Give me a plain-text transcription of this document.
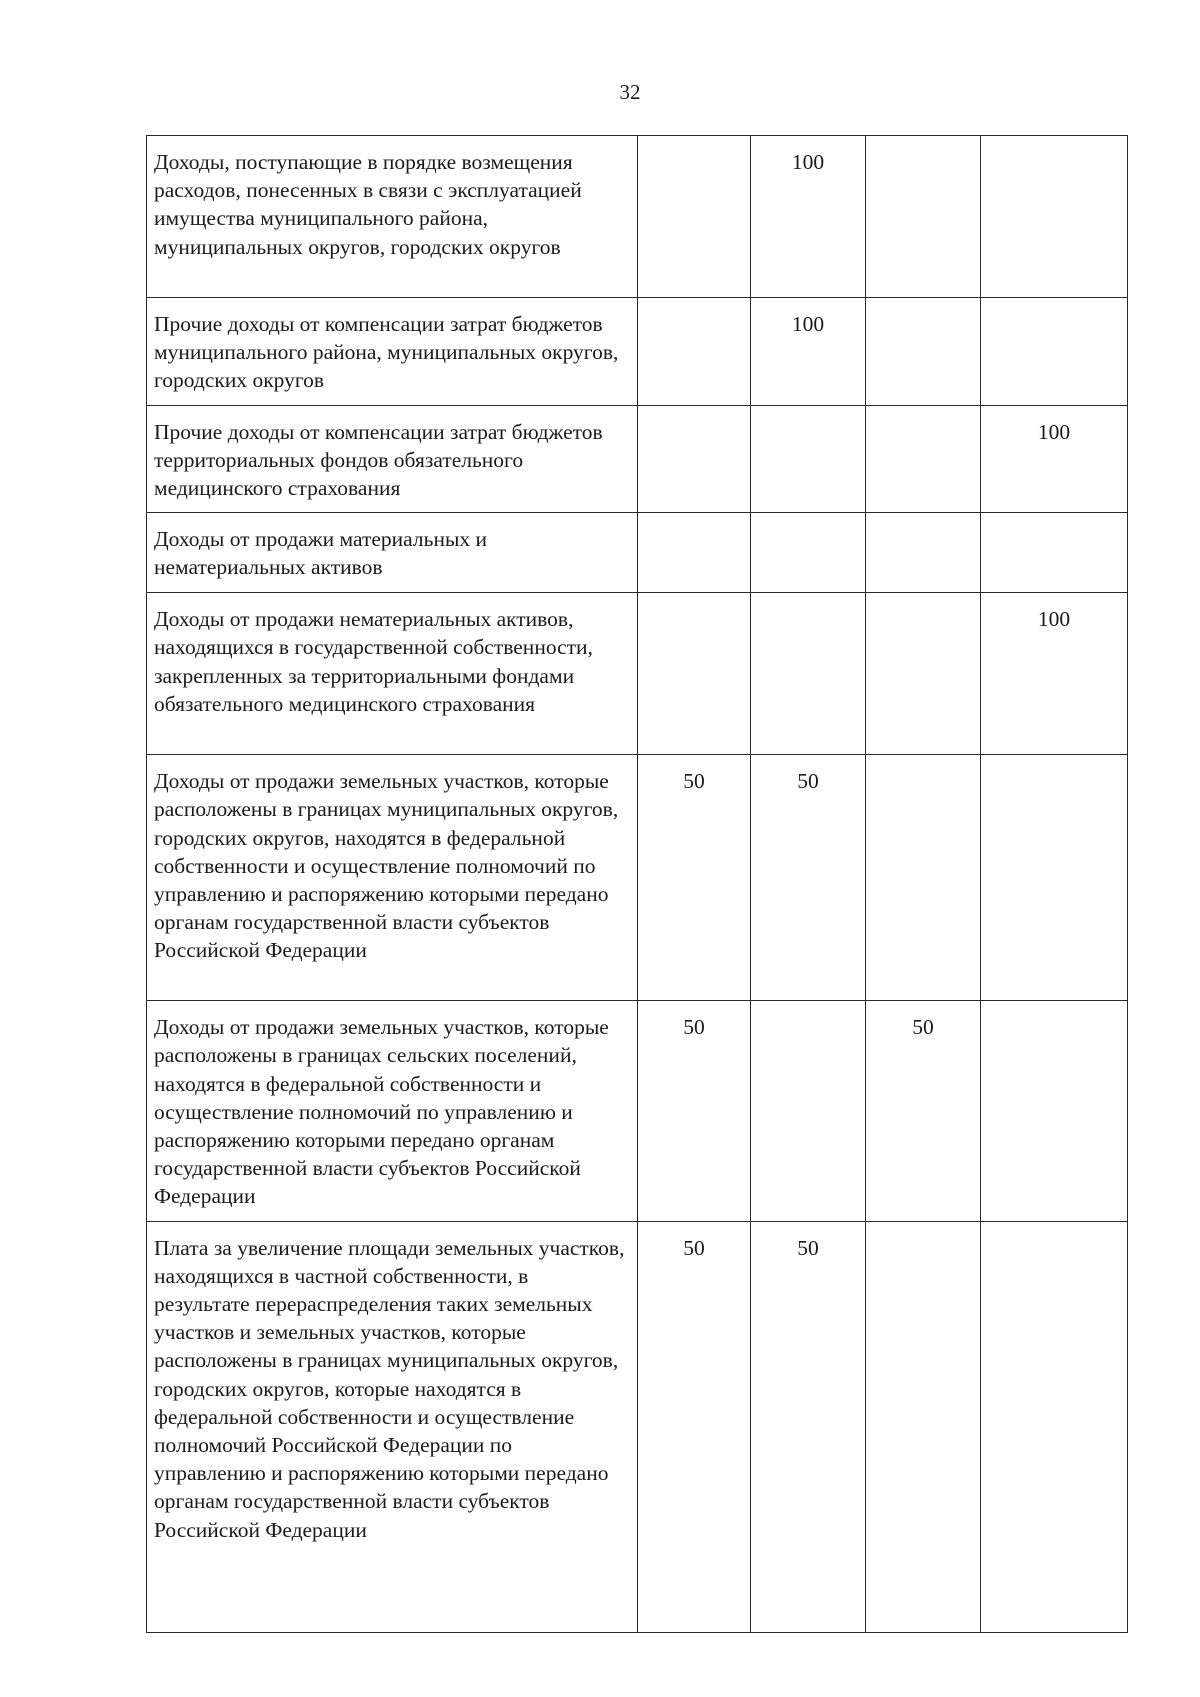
32
Доходы, поступающие в порядке возмещения расходов, понесенных в связи с эксплуатацией имущества муниципального района, муниципальных округов, городских округов		100		
Прочие доходы от компенсации затрат бюджетов муниципального района, муниципальных округов, городских округов		100		
Прочие доходы от компенсации затрат бюджетов территориальных фондов обязательного медицинского страхования				100
Доходы от продажи материальных и нематериальных активов				
Доходы от продажи нематериальных активов, находящихся в государственной собственности, закрепленных за территориальными фондами обязательного медицинского страхования				100
Доходы от продажи земельных участков, которые расположены в границах муниципальных округов, городских округов, находятся в федеральной собственности и осуществление полномочий по управлению и распоряжению которыми передано органам государственной власти субъектов Российской Федерации	50	50		
Доходы от продажи земельных участков, которые расположены в границах сельских поселений, находятся в федеральной собственности и осуществление полномочий по управлению и распоряжению которыми передано органам государственной власти субъектов Российской Федерации	50		50	
Плата за увеличение площади земельных участков, находящихся в частной собственности, в результате перераспределения таких земельных участков и земельных участков, которые расположены в границах муниципальных округов, городских округов, которые находятся в федеральной собственности и осуществление полномочий Российской Федерации по управлению и распоряжению которыми передано органам государственной власти субъектов Российской Федерации	50	50		
